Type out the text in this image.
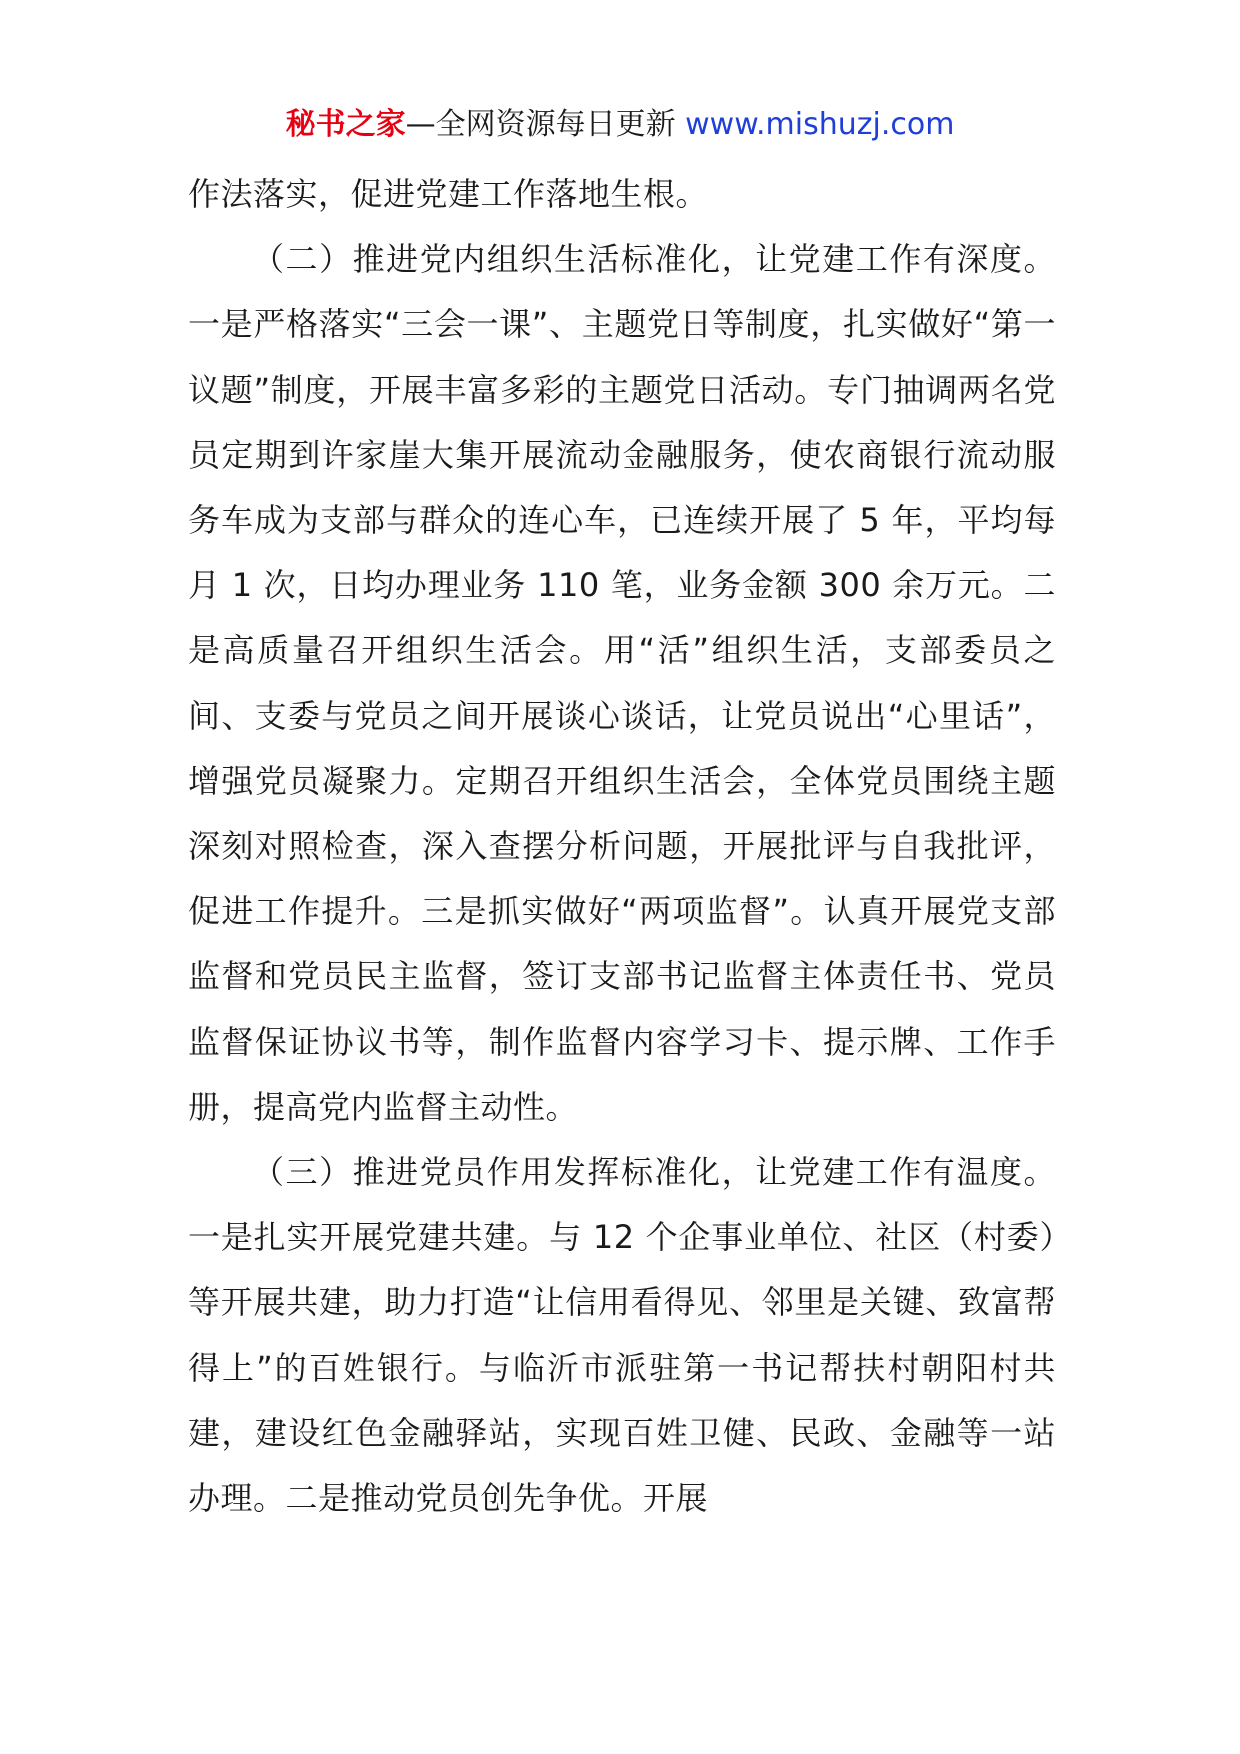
秘书之家—全网资源每日更新 www.mishuzj.com

作法落实，促进党建工作落地生根。

（二）推进党内组织生活标准化，让党建工作有深度。一是严格落实“三会一课”、主题党日等制度，扎实做好“第一议题”制度，开展丰富多彩的主题党日活动。专门抽调两名党员定期到许家崖大集开展流动金融服务，使农商银行流动服务车成为支部与群众的连心车，已连续开展了 5 年，平均每月 1 次，日均办理业务 110 笔，业务金额 300 余万元。二是高质量召开组织生活会。用“活”组织生活，支部委员之间、支委与党员之间开展谈心谈话，让党员说出“心里话”，增强党员凝聚力。定期召开组织生活会，全体党员围绕主题深刻对照检查，深入查摆分析问题，开展批评与自我批评，促进工作提升。三是抓实做好“两项监督”。认真开展党支部监督和党员民主监督，签订支部书记监督主体责任书、党员监督保证协议书等，制作监督内容学习卡、提示牌、工作手册，提高党内监督主动性。

（三）推进党员作用发挥标准化，让党建工作有温度。一是扎实开展党建共建。与 12 个企事业单位、社区（村委）等开展共建，助力打造“让信用看得见、邻里是关键、致富帮得上”的百姓银行。与临沂市派驻第一书记帮扶村朝阳村共建，建设红色金融驿站，实现百姓卫健、民政、金融等一站办理。二是推动党员创先争优。开展
